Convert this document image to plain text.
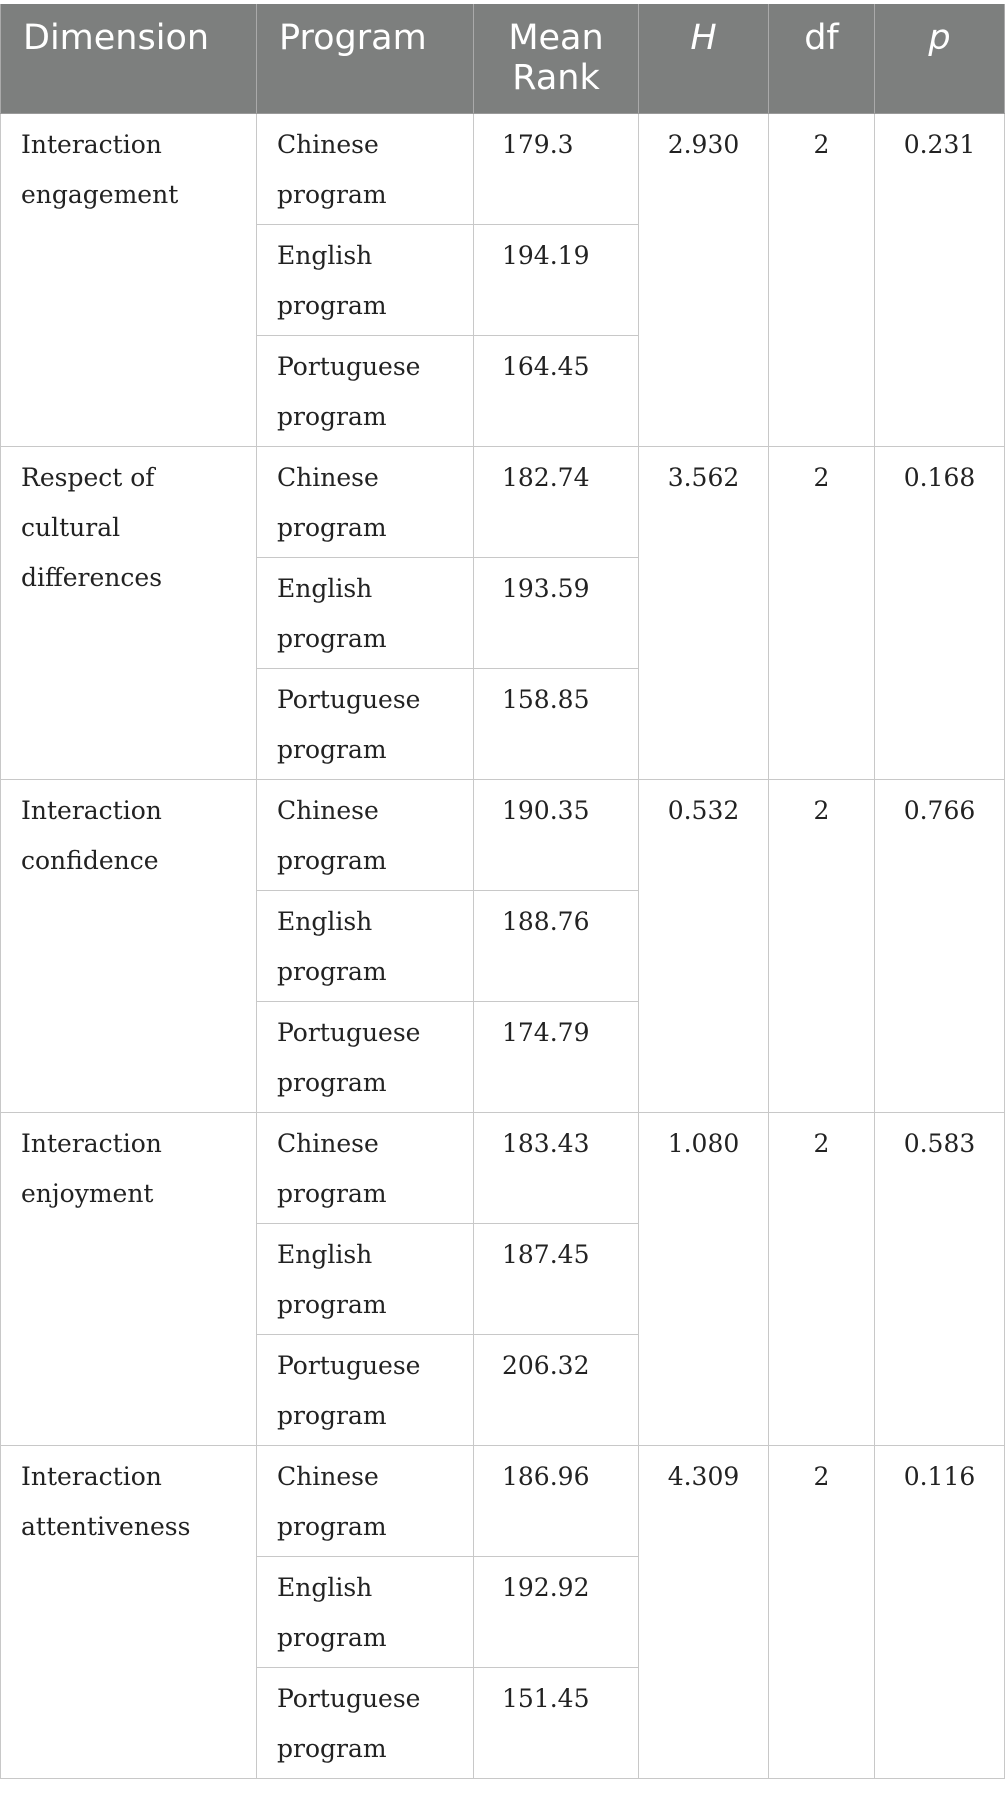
Dimension	Program	Mean Rank	H	df	p
Interaction engagement	Chinese program	179.3	2.930	2	0.231
	English program	194.19			
	Portuguese program	164.45			
Respect of cultural differences	Chinese program	182.74	3.562	2	0.168
	English program	193.59			
	Portuguese program	158.85			
Interaction confidence	Chinese program	190.35	0.532	2	0.766
	English program	188.76			
	Portuguese program	174.79			
Interaction enjoyment	Chinese program	183.43	1.080	2	0.583
	English program	187.45			
	Portuguese program	206.32			
Interaction attentiveness	Chinese program	186.96	4.309	2	0.116
	English program	192.92			
	Portuguese program	151.45			
